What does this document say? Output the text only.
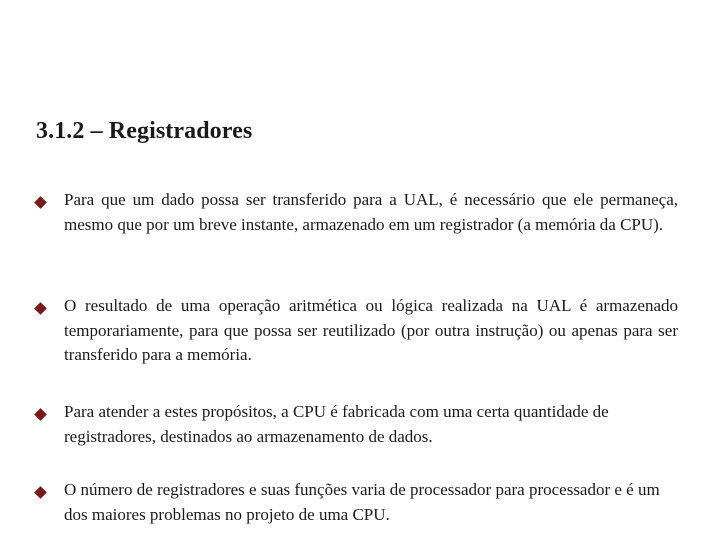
3.1.2 – Registradores

Para que um dado possa ser transferido para a UAL, é necessário que ele permaneça, mesmo que por um breve instante, armazenado em um registrador (a memória da CPU).

O resultado de uma operação aritmética ou lógica realizada na UAL é armazenado temporariamente, para que possa ser reutilizado (por outra instrução) ou apenas para ser transferido para a memória.

Para atender a estes propósitos, a CPU é fabricada com uma certa quantidade de registradores, destinados ao armazenamento de dados.

O número de registradores e suas funções varia de processador para processador e é um dos maiores problemas no projeto de uma CPU.
